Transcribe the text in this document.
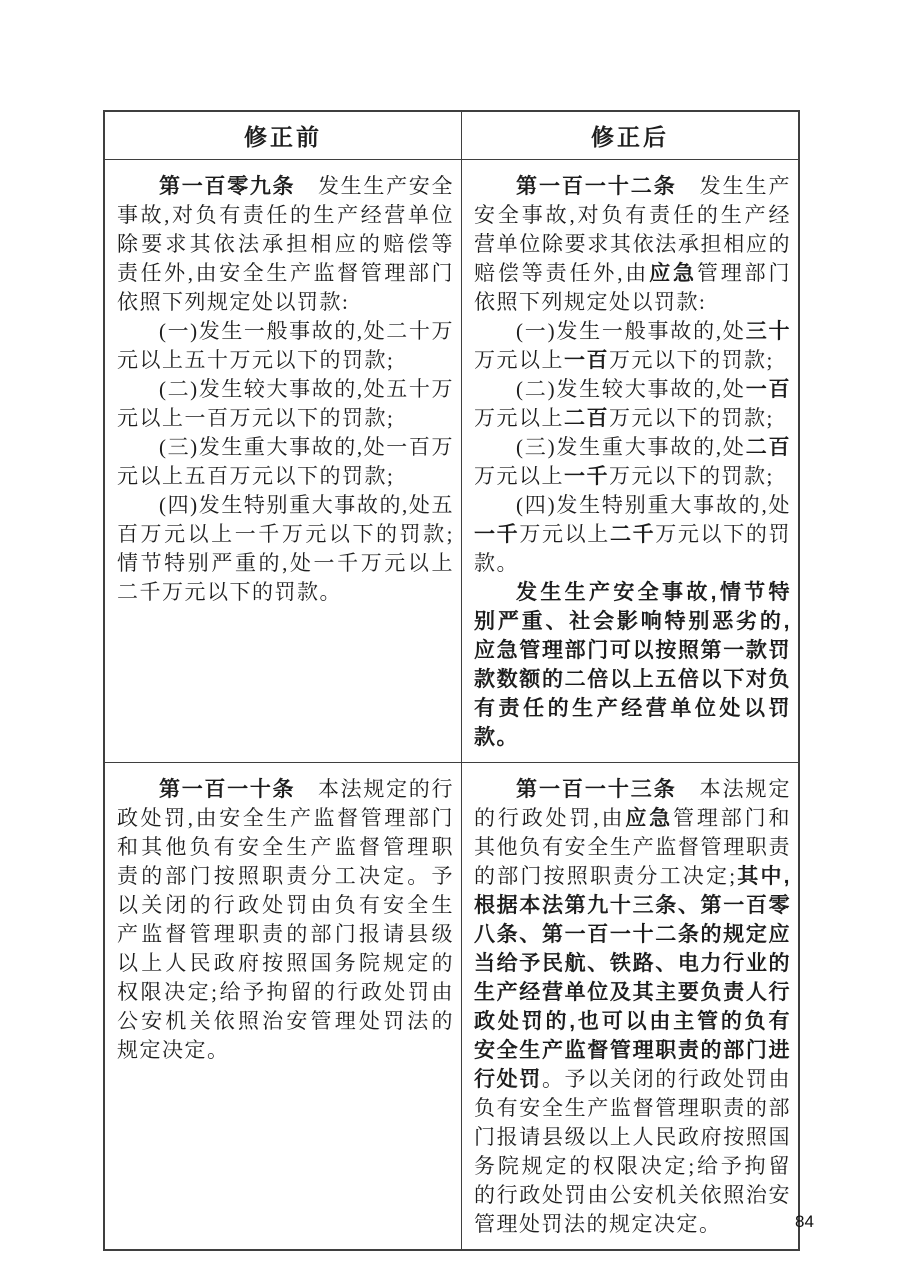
修正前	修正后

第一百零九条　发生生产安全事故,对负有责任的生产经营单位除要求其依法承担相应的赔偿等责任外,由安全生产监督管理部门依照下列规定处以罚款:

(一)发生一般事故的,处二十万元以上五十万元以下的罚款;

(二)发生较大事故的,处五十万元以上一百万元以下的罚款;

(三)发生重大事故的,处一百万元以上五百万元以下的罚款;

(四)发生特别重大事故的,处五百万元以上一千万元以下的罚款;情节特别严重的,处一千万元以上二千万元以下的罚款。

第一百一十二条　发生生产安全事故,对负有责任的生产经营单位除要求其依法承担相应的赔偿等责任外,由应急管理部门依照下列规定处以罚款:

(一)发生一般事故的,处三十万元以上一百万元以下的罚款;

(二)发生较大事故的,处一百万元以上二百万元以下的罚款;

(三)发生重大事故的,处二百万元以上一千万元以下的罚款;

(四)发生特别重大事故的,处一千万元以上二千万元以下的罚款。

发生生产安全事故,情节特别严重、社会影响特别恶劣的,应急管理部门可以按照第一款罚款数额的二倍以上五倍以下对负有责任的生产经营单位处以罚款。

第一百一十条　本法规定的行政处罚,由安全生产监督管理部门和其他负有安全生产监督管理职责的部门按照职责分工决定。予以关闭的行政处罚由负有安全生产监督管理职责的部门报请县级以上人民政府按照国务院规定的权限决定;给予拘留的行政处罚由公安机关依照治安管理处罚法的规定决定。

第一百一十三条　本法规定的行政处罚,由应急管理部门和其他负有安全生产监督管理职责的部门按照职责分工决定;其中,根据本法第九十三条、第一百零八条、第一百一十二条的规定应当给予民航、铁路、电力行业的生产经营单位及其主要负责人行政处罚的,也可以由主管的负有安全生产监督管理职责的部门进行处罚。予以关闭的行政处罚由负有安全生产监督管理职责的部门报请县级以上人民政府按照国务院规定的权限决定;给予拘留的行政处罚由公安机关依照治安管理处罚法的规定决定。	84
